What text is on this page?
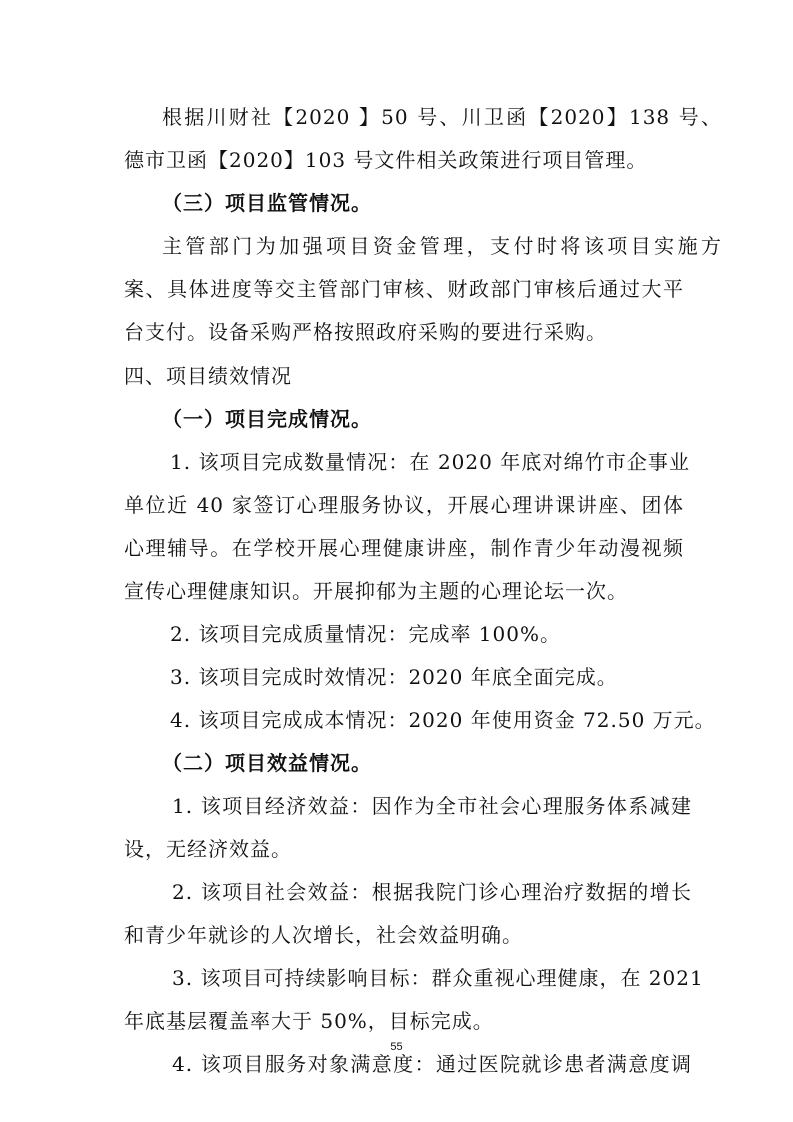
根据川财社【2020 】50 号、川卫函【2020】138 号、
德市卫函【2020】103 号文件相关政策进行项目管理。
（三）项目监管情况。
主管部门为加强项目资金管理，支付时将该项目实施方
案、具体进度等交主管部门审核、财政部门审核后通过大平
台支付。设备采购严格按照政府采购的要进行采购。
四、项目绩效情况
（一）项目完成情况。
1. 该项目完成数量情况：在 2020 年底对绵竹市企事业
单位近 40 家签订心理服务协议，开展心理讲课讲座、团体
心理辅导。在学校开展心理健康讲座，制作青少年动漫视频
宣传心理健康知识。开展抑郁为主题的心理论坛一次。
2. 该项目完成质量情况：完成率 100%。
3. 该项目完成时效情况：2020 年底全面完成。
4. 该项目完成成本情况：2020 年使用资金 72.50 万元。
（二）项目效益情况。
1. 该项目经济效益：因作为全市社会心理服务体系减建
设，无经济效益。
2. 该项目社会效益：根据我院门诊心理治疗数据的增长
和青少年就诊的人次增长，社会效益明确。
3. 该项目可持续影响目标：群众重视心理健康，在 2021
年底基层覆盖率大于 50%，目标完成。
4. 该项目服务对象满意度：通过医院就诊患者满意度调
55
